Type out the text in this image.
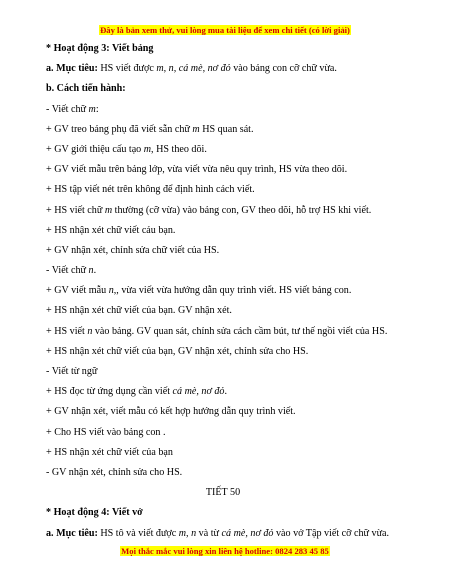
Đây là bản xem thử, vui lòng mua tài liệu để xem chi tiết (có lời giải)
* Hoạt động 3: Viết bảng
a. Mục tiêu: HS viết được m, n, cá mè, nơ đỏ vào bảng con cỡ chữ vừa.
b. Cách tiến hành:
- Viết chữ m:
+ GV treo bảng phụ đã viết sẵn chữ m HS quan sát.
+ GV giới thiệu cấu tạo m, HS theo dõi.
+ GV viết mẫu trên bảng lớp, vừa viết vừa nêu quy trình, HS vừa theo dõi.
+ HS tập viết nét trên không để định hình cách viết.
+ HS viết chữ m thường (cỡ vừa) vào bảng con, GV theo dõi, hỗ trợ HS khi viết.
+ HS nhận xét chữ viết cảu bạn.
+ GV nhận xét, chỉnh sửa chữ viết của HS.
- Viết chữ n.
+ GV viết mẫu n,, vừa viết vừa hướng dẫn quy trình viết. HS viết bảng con.
+ HS nhận xét chữ viết của bạn. GV nhận xét.
+ HS viết n vào bảng. GV quan sát, chỉnh sửa cách cầm bút, tư thế ngồi viết của HS.
+ HS nhận xét chữ viết của bạn, GV nhận xét, chỉnh sửa cho HS.
- Viết từ ngữ
+ HS đọc từ ứng dụng cần viết cá mè, nơ đỏ.
+ GV nhận xét, viết mẫu có kết hợp hướng dẫn quy trình viết.
+ Cho HS viết vào bảng con .
+ HS nhận xét chữ viết của bạn
- GV nhận xét, chỉnh sửa cho HS.
TIẾT 50
* Hoạt động 4: Viết vở
a. Mục tiêu: HS tô và viết được m, n và từ cá mè, nơ đỏ vào vở Tập viết cỡ chữ vừa.
Mọi thắc mắc vui lòng xin liên hệ hotline: 0824 283 45 85
